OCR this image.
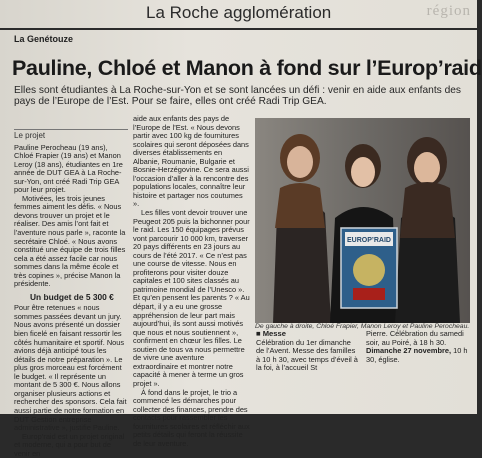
région
La Roche agglomération
La Genétouze
Pauline, Chloé et Manon à fond sur l’Europ’raid
Elles sont étudiantes à La Roche-sur-Yon et se sont lancées un défi : venir en aide aux enfants des pays de l’Europe de l’Est. Pour se faire, elles ont créé Radi Trip GEA.
Le projet

Pauline Perocheau (19 ans), Chloé Frapier (19 ans) et Manon Leroy (18 ans), étudiantes en 1re année de DUT GEA à La Roche-sur-Yon, ont créé Radi Trip GEA pour leur projet.

Motivées, les trois jeunes femmes aiment les défis. « Nous devons trouver un projet et le réaliser. Des amis l’ont fait et l’aventure nous parle », raconte la secrétaire Chloé. « Nous avons constitué une équipe de trois filles cela a été assez facile car nous sommes dans la même école et très copines », précise Manon la présidente.

Un budget de 5 300 €

Pour être retenues « nous sommes passées devant un jury. Nous avons présenté un dossier bien ficelé en faisant ressortir les côtés humanitaire et sportif. Nous avions déjà anticipé tous les détails de notre préparation ». Le plus gros morceau est forcément le budget. « Il représente un montant de 5 300 €. Nous allons organiser plusieurs actions et rechercher des sponsors. Cela fait aussi partie de notre formation en DUT Gestion entreprise administrative », justifie Pauline.

Europ’raid est un projet original et moderne, qui a pour but de venir en

aide aux enfants des pays de l’Europe de l’Est. « Nous devons partir avec 100 kg de fournitures scolaires qui seront déposées dans diverses établissements en Albanie, Roumanie, Bulgarie et Bosnie-Herzégovine. Ce sera aussi l’occasion d’aller à la rencontre des populations locales, connaître leur histoire et partager nos coutumes ».

Les filles vont devoir trouver une Peugeot 205 puis la bichonner pour le raid. Les 150 équipages prévus vont parcourir 10 000 km, traverser 20 pays différents en 23 jours au cours de l’été 2017. « Ce n’est pas une course de vitesse. Nous en profiterons pour visiter douze capitales et 100 sites classés au patrimoine mondial de l’Unesco ». Et qu’en pensent les parents ? « Au départ, il y a eu une grosse appréhension de leur part mais aujourd’hui, ils sont aussi motivés que nous et nous soutiennent », confirment en chœur les filles. Le soutien de tous va nous permettre de vivre une aventure extraordinaire et montrer notre capacité à mener à terme un gros projet ».

À fond dans le projet, le trio a commencé les démarches pour collecter des finances, prendre des contacts pour rassembler les fournitures scolaires et réfléchir aux petits détails qui feront la réussite de leur aventure.

EUROP’RAID
De gauche à droite, Chloé Frapier, Manon Leroy et Pauline Perocheau.
■ Messe

Célébration du 1er dimanche de l’Avent. Messe des familles à 10 h 30, avec temps d’éveil à la foi, à l’accueil St

Pierre. Célébration du samedi soir, au Poiré, à 18 h 30.

Dimanche 27 novembre, 10 h 30, église.
